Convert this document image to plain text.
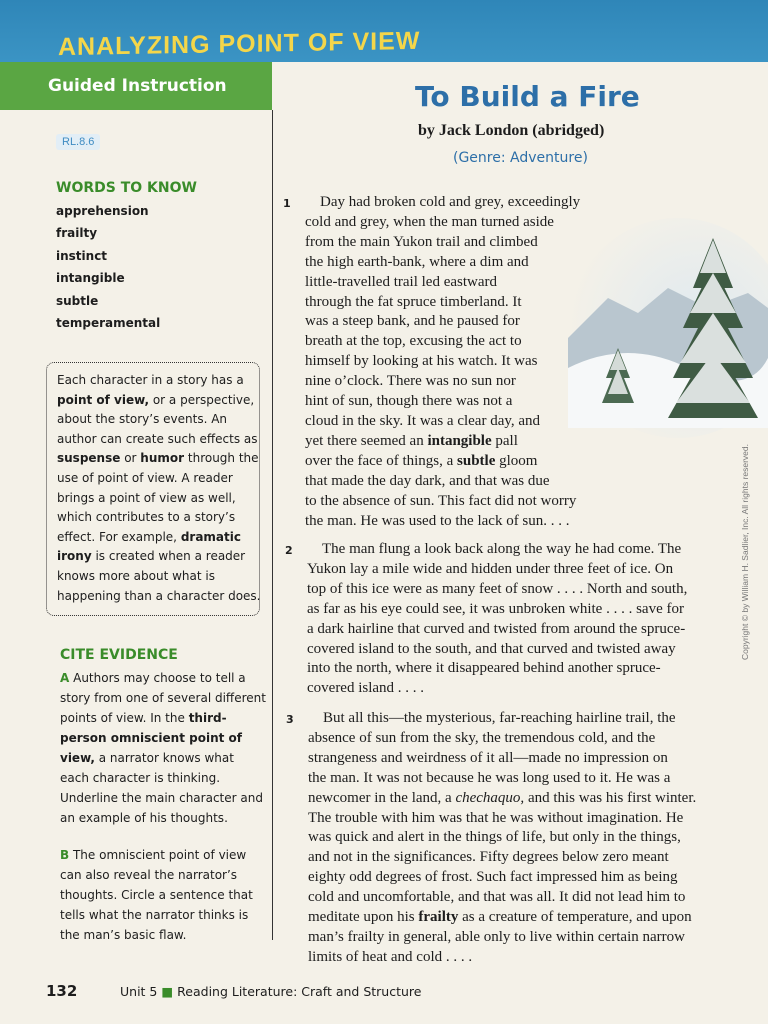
ANALYZING POINT OF VIEW
Guided Instruction
RL.8.6
WORDS TO KNOW
apprehension
frailty
instinct
intangible
subtle
temperamental
Each character in a story has a
point of view, or a perspective,
about the story’s events. An
author can create such effects as
suspense or humor through the
use of point of view. A reader
brings a point of view as well,
which contributes to a story’s
effect. For example, dramatic
irony is created when a reader
knows more about what is
happening than a character does.
CITE EVIDENCE
A Authors may choose to tell a
story from one of several different
points of view. In the third-
person omniscient point of
view, a narrator knows what
each character is thinking.
Underline the main character and
an example of his thoughts.
B The omniscient point of view
can also reveal the narrator’s
thoughts. Circle a sentence that
tells what the narrator thinks is
the man’s basic flaw.
To Build a Fire
by Jack London (abridged)
(Genre: Adventure)
1	Day had broken cold and grey, exceedingly
cold and grey, when the man turned aside
from the main Yukon trail and climbed
the high earth-bank, where a dim and
little-travelled trail led eastward
through the fat spruce timberland. It
was a steep bank, and he paused for
breath at the top, excusing the act to
himself by looking at his watch. It was
nine o’clock. There was no sun nor
hint of sun, though there was not a
cloud in the sky. It was a clear day, and
yet there seemed an intangible pall
over the face of things, a subtle gloom
that made the day dark, and that was due
to the absence of sun. This fact did not worry
the man. He was used to the lack of sun. . . .
2	The man flung a look back along the way he had come. The
Yukon lay a mile wide and hidden under three feet of ice. On
top of this ice were as many feet of snow . . . . North and south,
as far as his eye could see, it was unbroken white . . . . save for
a dark hairline that curved and twisted from around the spruce-
covered island to the south, and that curved and twisted away
into the north, where it disappeared behind another spruce-
covered island . . . .
3	But all this—the mysterious, far-reaching hairline trail, the
absence of sun from the sky, the tremendous cold, and the
strangeness and weirdness of it all—made no impression on
the man. It was not because he was long used to it. He was a
newcomer in the land, a chechaquo, and this was his first winter.
The trouble with him was that he was without imagination. He
was quick and alert in the things of life, but only in the things,
and not in the significances. Fifty degrees below zero meant
eighty odd degrees of frost. Such fact impressed him as being
cold and uncomfortable, and that was all. It did not lead him to
meditate upon his frailty as a creature of temperature, and upon
man’s frailty in general, able only to live within certain narrow
limits of heat and cold . . . .
132	Unit 5 ■ Reading Literature: Craft and Structure
Copyright © by William H. Sadlier, Inc. All rights reserved.
